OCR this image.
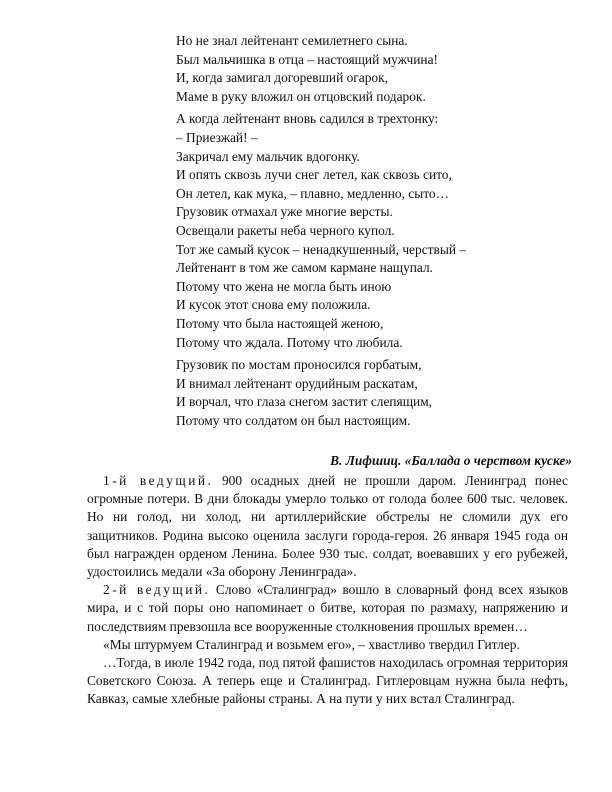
Но не знал лейтенант семилетнего сына.
Был мальчишка в отца – настоящий мужчина!
И, когда замигал догоревший огарок,
Маме в руку вложил он отцовский подарок.
А когда лейтенант вновь садился в трехтонку:
– Приезжай! –
Закричал ему мальчик вдогонку.
И опять сквозь лучи снег летел, как сквозь сито,
Он летел, как мука, – плавно, медленно, сыто…
Грузовик отмахал уже многие версты.
Освещали ракеты неба черного купол.
Тот же самый кусок – ненадкушенный, черствый –
Лейтенант в том же самом кармане нащупал.
Потому что жена не могла быть иною
И кусок этот снова ему положила.
Потому что была настоящей женою,
Потому что ждала. Потому что любила.
Грузовик по мостам проносился горбатым,
И внимал лейтенант орудийным раскатам,
И ворчал, что глаза снегом застит слепящим,
Потому что солдатом он был настоящим.
В. Лифшиц. «Баллада о черством куске»

1-й ведущий. 900 осадных дней не прошли даром. Ленинград понес огромные потери. В дни блокады умерло только от голода более 600 тыс. человек. Но ни голод, ни холод, ни артиллерийские обстрелы не сломили дух его защитников. Родина высоко оценила заслуги города-героя. 26 января 1945 года он был награжден орденом Ленина. Более 930 тыс. солдат, воевавших у его рубежей, удостоились медали «За оборону Ленинграда».

2-й ведущий. Слово «Сталинград» вошло в словарный фонд всех языков мира, и с той поры оно напоминает о битве, которая по размаху, напряжению и последствиям превзошла все вооруженные столкновения прошлых времен…

«Мы штурмуем Сталинград и возьмем его», – хвастливо твердил Гитлер.

…Тогда, в июле 1942 года, под пятой фашистов находилась огромная территория Советского Союза. А теперь еще и Сталинград. Гитлеровцам нужна была нефть, Кавказ, самые хлебные районы страны. А на пути у них встал Сталинград.
